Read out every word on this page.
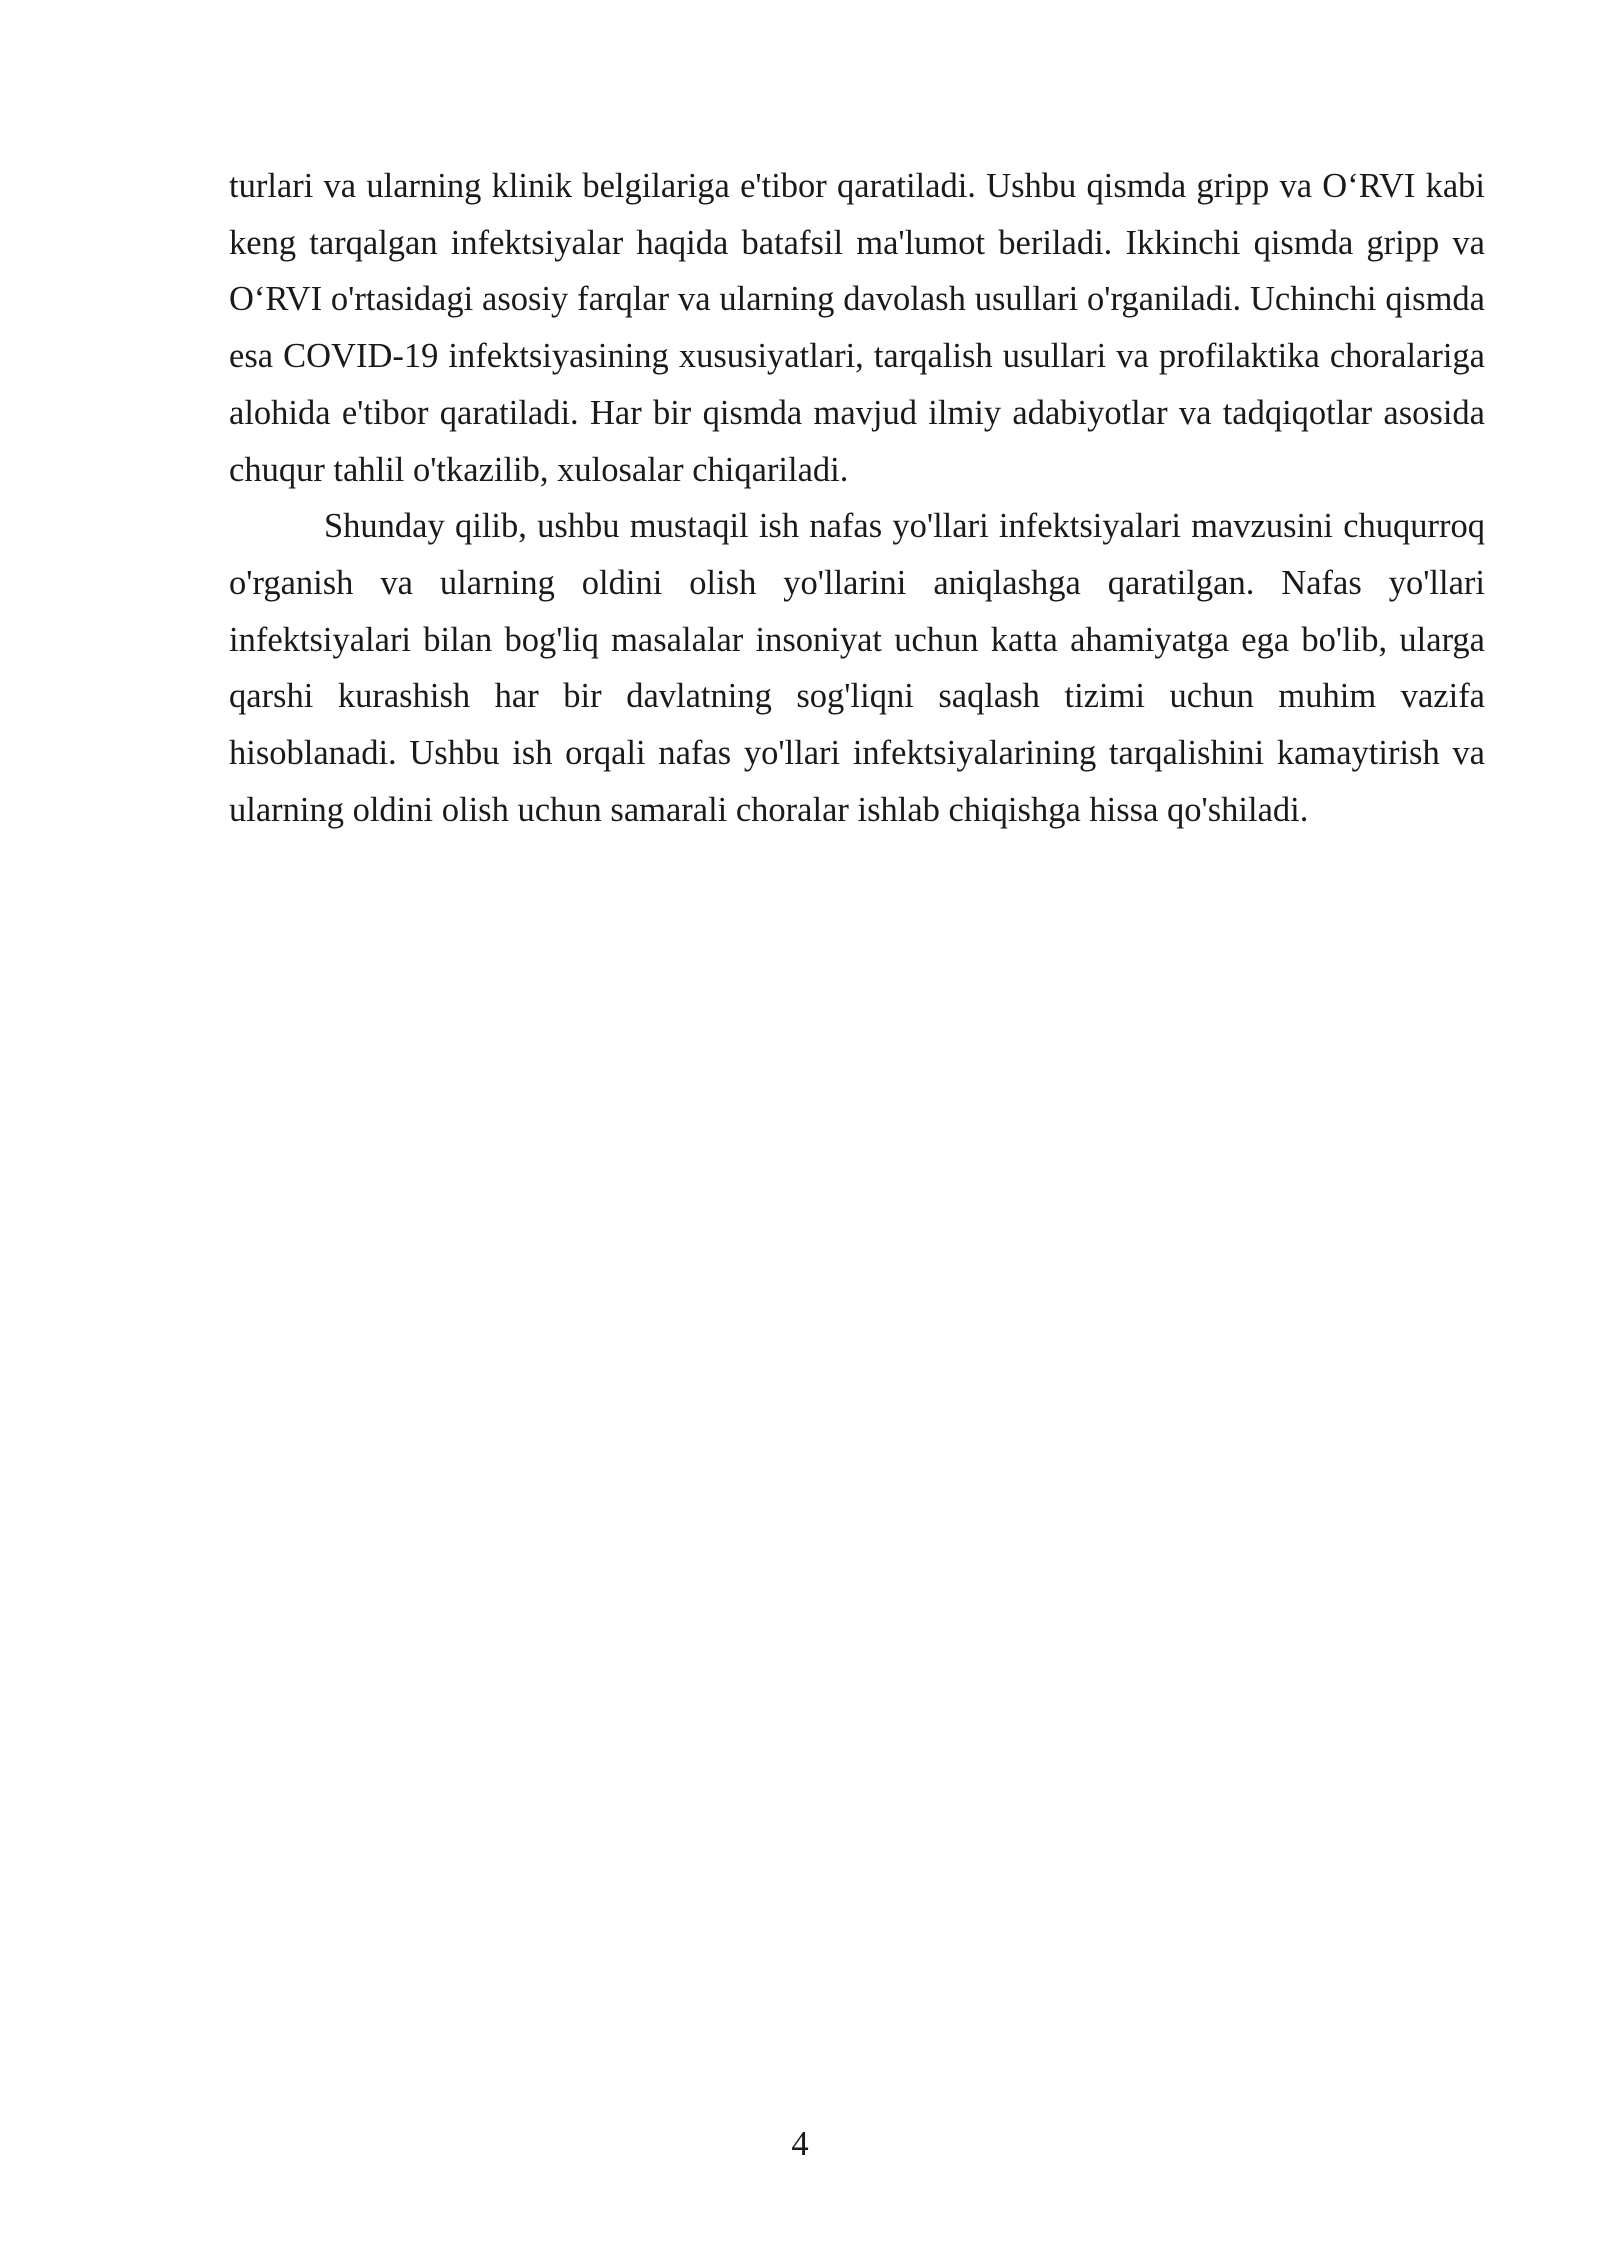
turlari va ularning klinik belgilariga e'tibor qaratiladi. Ushbu qismda gripp va O‘RVI kabi keng tarqalgan infektsiyalar haqida batafsil ma'lumot beriladi. Ikkinchi qismda gripp va O‘RVI o'rtasidagi asosiy farqlar va ularning davolash usullari o'rganiladi. Uchinchi qismda esa COVID-19 infektsiyasining xususiyatlari, tarqalish usullari va profilaktika choralariga alohida e'tibor qaratiladi. Har bir qismda mavjud ilmiy adabiyotlar va tadqiqotlar asosida chuqur tahlil o'tkazilib, xulosalar chiqariladi.

Shunday qilib, ushbu mustaqil ish nafas yo'llari infektsiyalari mavzusini chuqurroq o'rganish va ularning oldini olish yo'llarini aniqlashga qaratilgan. Nafas yo'llari infektsiyalari bilan bog'liq masalalar insoniyat uchun katta ahamiyatga ega bo'lib, ularga qarshi kurashish har bir davlatning sog'liqni saqlash tizimi uchun muhim vazifa hisoblanadi. Ushbu ish orqali nafas yo'llari infektsiyalarining tarqalishini kamaytirish va ularning oldini olish uchun samarali choralar ishlab chiqishga hissa qo'shiladi.

4
